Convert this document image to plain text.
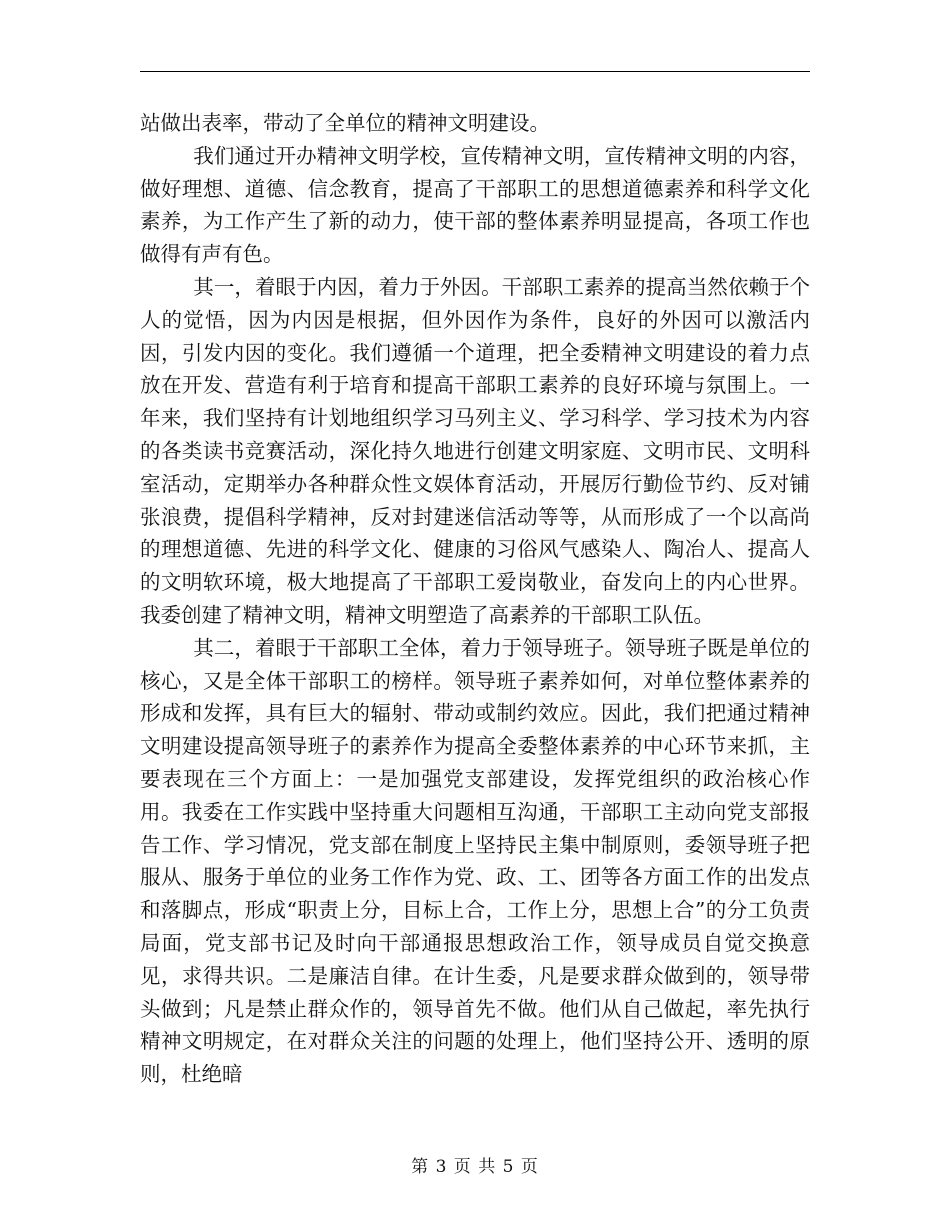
站做出表率，带动了全单位的精神文明建设。

我们通过开办精神文明学校，宣传精神文明，宣传精神文明的内容，做好理想、道德、信念教育，提高了干部职工的思想道德素养和科学文化素养，为工作产生了新的动力，使干部的整体素养明显提高，各项工作也做得有声有色。

其一，着眼于内因，着力于外因。干部职工素养的提高当然依赖于个人的觉悟，因为内因是根据，但外因作为条件，良好的外因可以激活内因，引发内因的变化。我们遵循一个道理，把全委精神文明建设的着力点放在开发、营造有利于培育和提高干部职工素养的良好环境与氛围上。一年来，我们坚持有计划地组织学习马列主义、学习科学、学习技术为内容的各类读书竞赛活动，深化持久地进行创建文明家庭、文明市民、文明科室活动，定期举办各种群众性文娱体育活动，开展厉行勤俭节约、反对铺张浪费，提倡科学精神，反对封建迷信活动等等，从而形成了一个以高尚的理想道德、先进的科学文化、健康的习俗风气感染人、陶冶人、提高人的文明软环境，极大地提高了干部职工爱岗敬业，奋发向上的内心世界。我委创建了精神文明，精神文明塑造了高素养的干部职工队伍。

其二，着眼于干部职工全体，着力于领导班子。领导班子既是单位的核心，又是全体干部职工的榜样。领导班子素养如何，对单位整体素养的形成和发挥，具有巨大的辐射、带动或制约效应。因此，我们把通过精神文明建设提高领导班子的素养作为提高全委整体素养的中心环节来抓，主要表现在三个方面上：一是加强党支部建设，发挥党组织的政治核心作用。我委在工作实践中坚持重大问题相互沟通，干部职工主动向党支部报告工作、学习情况，党支部在制度上坚持民主集中制原则，委领导班子把服从、服务于单位的业务工作作为党、政、工、团等各方面工作的出发点和落脚点，形成“职责上分，目标上合，工作上分，思想上合”的分工负责局面，党支部书记及时向干部通报思想政治工作，领导成员自觉交换意见，求得共识。二是廉洁自律。在计生委，凡是要求群众做到的，领导带头做到；凡是禁止群众作的，领导首先不做。他们从自己做起，率先执行精神文明规定，在对群众关注的问题的处理上，他们坚持公开、透明的原则，杜绝暗

第 3 页 共 5 页
